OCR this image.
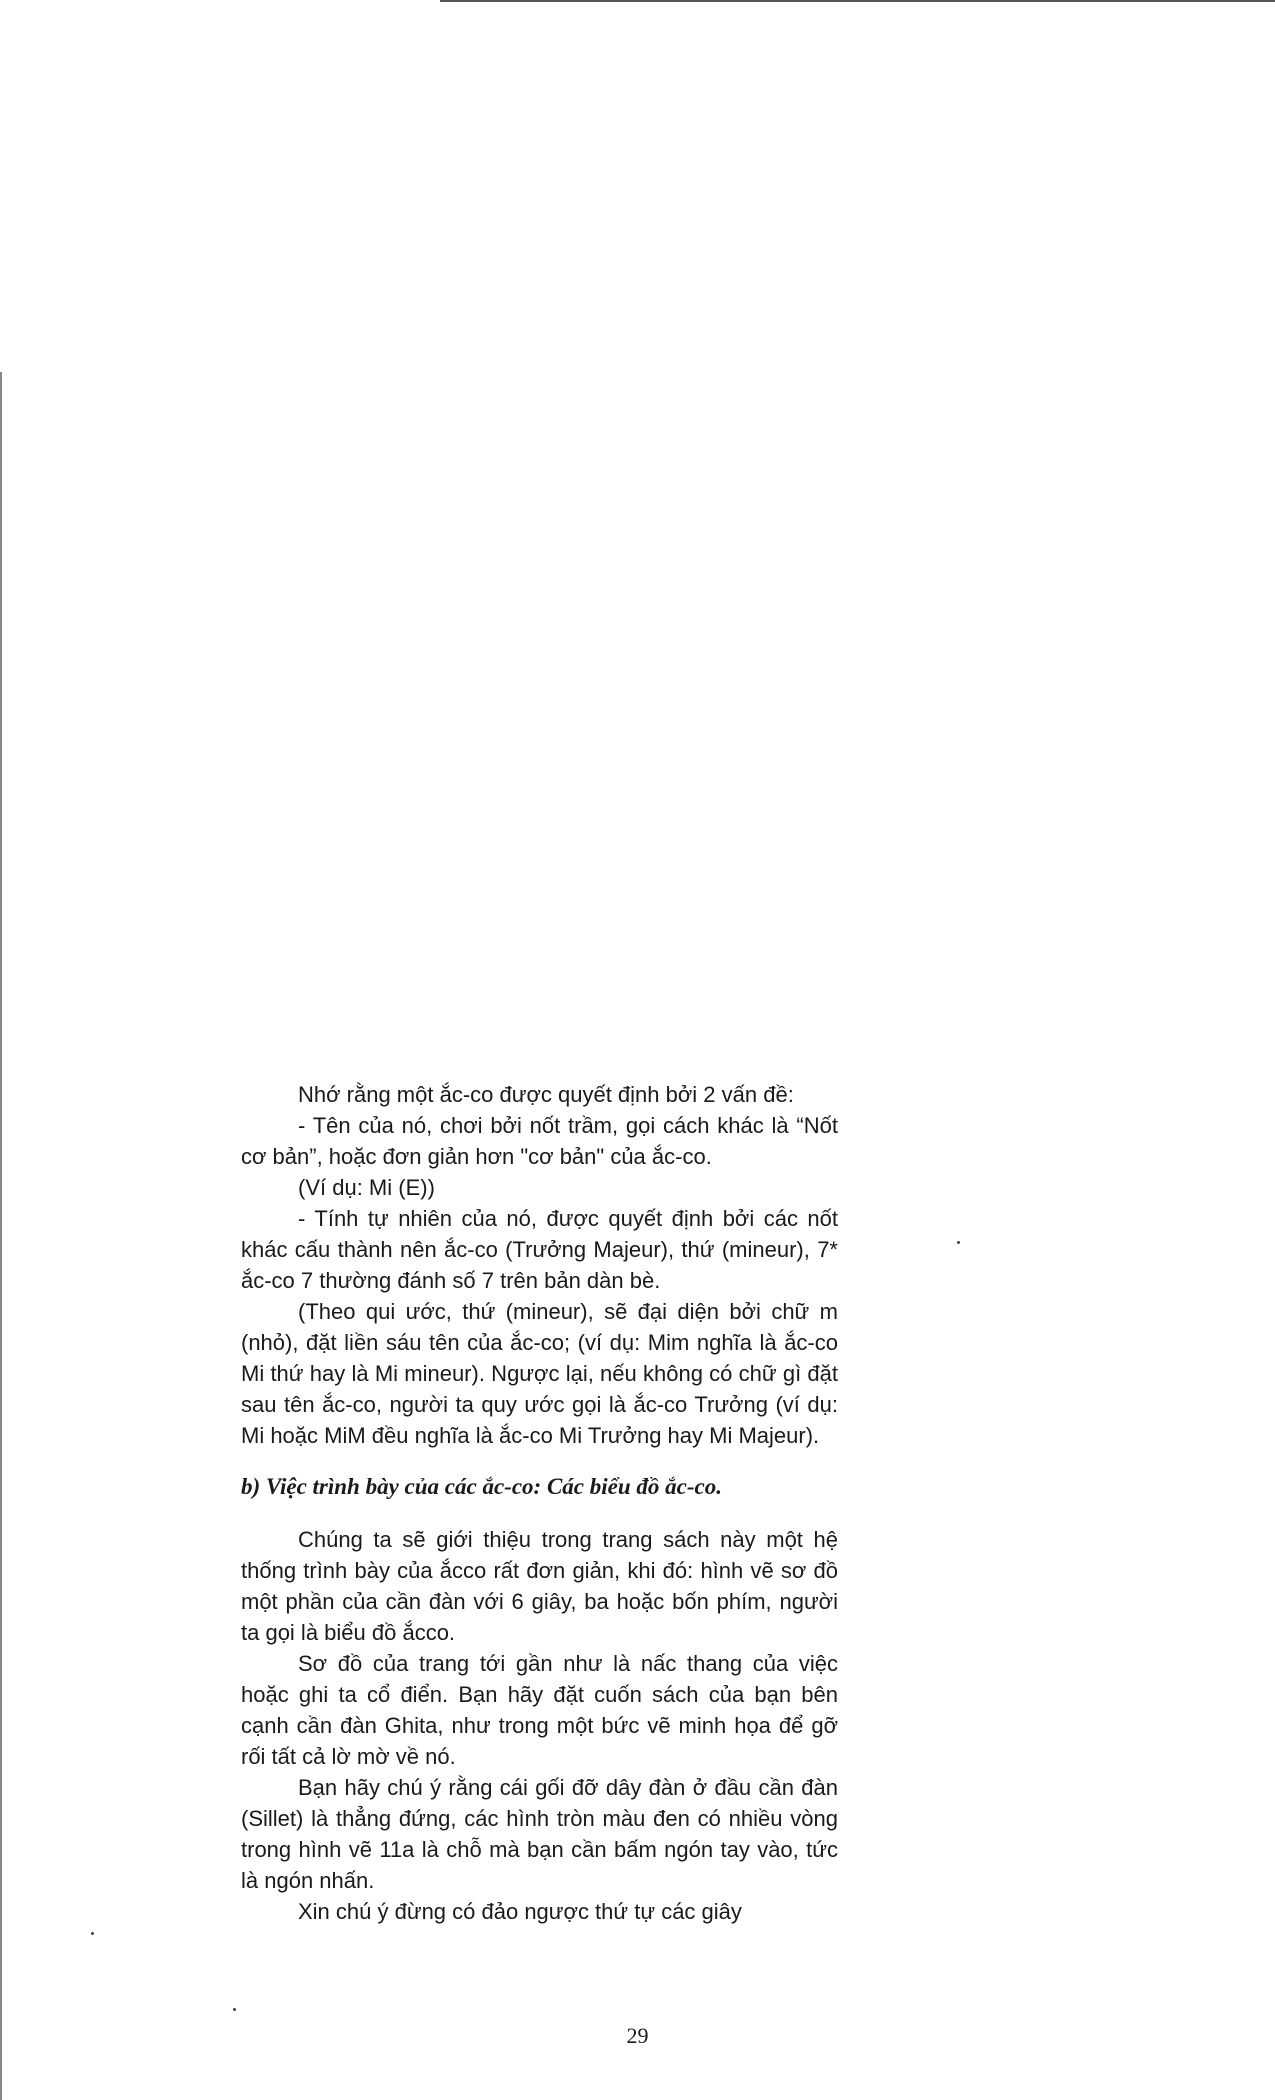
Nhớ rằng một ắc-co được quyết định bởi 2 vấn đề:

- Tên của nó, chơi bởi nốt trầm, gọi cách khác là “Nốt cơ bản”, hoặc đơn giản hơn "cơ bản" của ắc-co.

(Ví dụ: Mi (E))

- Tính tự nhiên của nó, được quyết định bởi các nốt khác cấu thành nên ắc-co (Trưởng Majeur), thứ (mineur), 7* ắc-co 7 thường đánh số 7 trên bản dàn bè.

(Theo qui ước, thứ (mineur), sẽ đại diện bởi chữ m (nhỏ), đặt liền sáu tên của ắc-co; (ví dụ: Mim nghĩa là ắc-co Mi thứ hay là Mi mineur). Ngược lại, nếu không có chữ gì đặt sau tên ắc-co, người ta quy ước gọi là ắc-co Trưởng (ví dụ: Mi hoặc MiM đều nghĩa là ắc-co Mi Trưởng hay Mi Majeur).

b) Việc trình bày của các ắc-co: Các biểu đồ ắc-co.

Chúng ta sẽ giới thiệu trong trang sách này một hệ thống trình bày của ắcco rất đơn giản, khi đó: hình vẽ sơ đồ một phần của cần đàn với 6 giây, ba hoặc bốn phím, người ta gọi là biểu đồ ắcco.

Sơ đồ của trang tới gần như là nấc thang của việc hoặc ghi ta cổ điển. Bạn hãy đặt cuốn sách của bạn bên cạnh cần đàn Ghita, như trong một bức vẽ minh họa để gỡ rối tất cả lờ mờ về nó.

Bạn hãy chú ý rằng cái gối đỡ dây đàn ở đầu cần đàn (Sillet) là thẳng đứng, các hình tròn màu đen có nhiều vòng trong hình vẽ 11a là chỗ mà bạn cần bấm ngón tay vào, tức là ngón nhấn.

Xin chú ý đừng có đảo ngược thứ tự các giây

29
